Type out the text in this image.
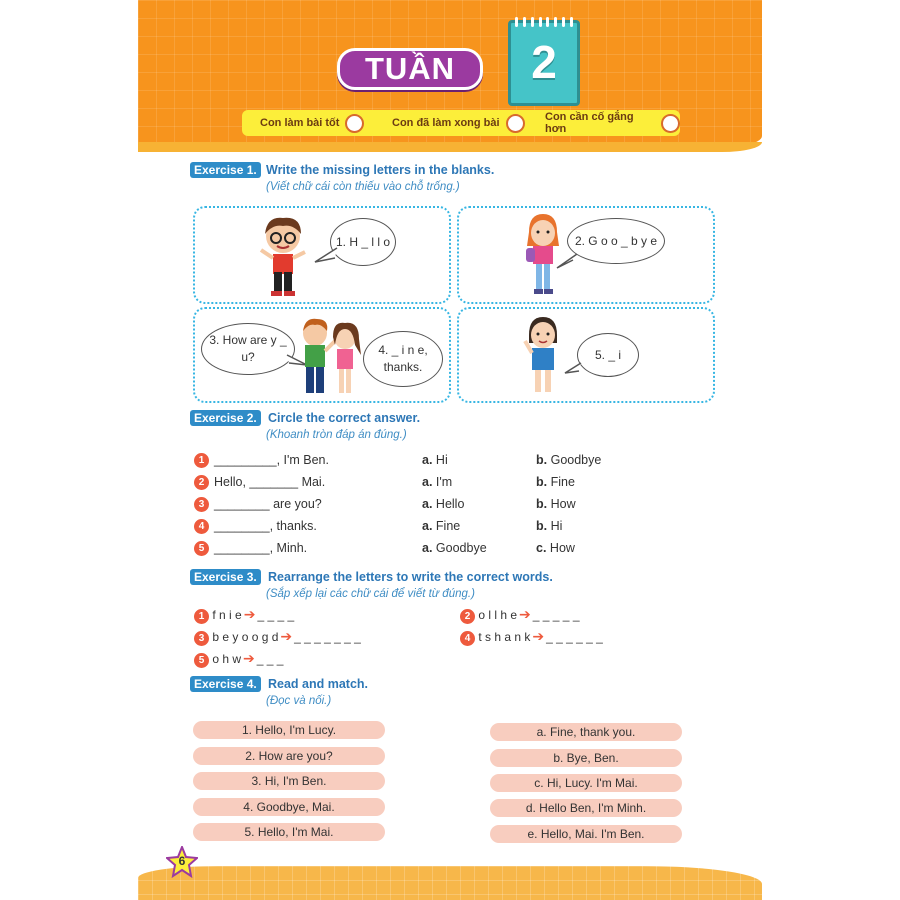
TUẦN	2
Con làm bài tốt	Con đã làm xong bài	Con cần cố gắng hơn
Exercise 1. Write the missing letters in the blanks.
(Viết chữ cái còn thiếu vào chỗ trống.)
1. H _ l l o	2. G o o _ b y e
3. How are y _ u?	4. _ i n e, thanks.
5. _ i
Exercise 2. Circle the correct answer.
(Khoanh tròn đáp án đúng.)
1 _________, I'm Ben.	a. Hi	b. Goodbye
2 Hello, _______ Mai.	a. I'm	b. Fine
3 ________ are you?	a. Hello	b. How
4 ________, thanks.	a. Fine	b. Hi
5 ________, Minh.	a. Goodbye	c. How
Exercise 3. Rearrange the letters to write the correct words.
(Sắp xếp lại các chữ cái để viết từ đúng.)
1 f n i e ➔ _ _ _ _	2 o l l h e ➔ _ _ _ _ _
3 b e y o o g d ➔ _ _ _ _ _ _ _	4 t s h a n k ➔ _ _ _ _ _ _
5 o h w ➔ _ _ _
Exercise 4. Read and match.
(Đọc và nối.)
1. Hello, I'm Lucy.
2. How are you?
3. Hi, I'm Ben.
4. Goodbye, Mai.
5. Hello, I'm Mai.
a. Fine, thank you.
b. Bye, Ben.
c. Hi, Lucy. I'm Mai.
d. Hello Ben, I'm Minh.
e. Hello, Mai. I'm Ben.
6
